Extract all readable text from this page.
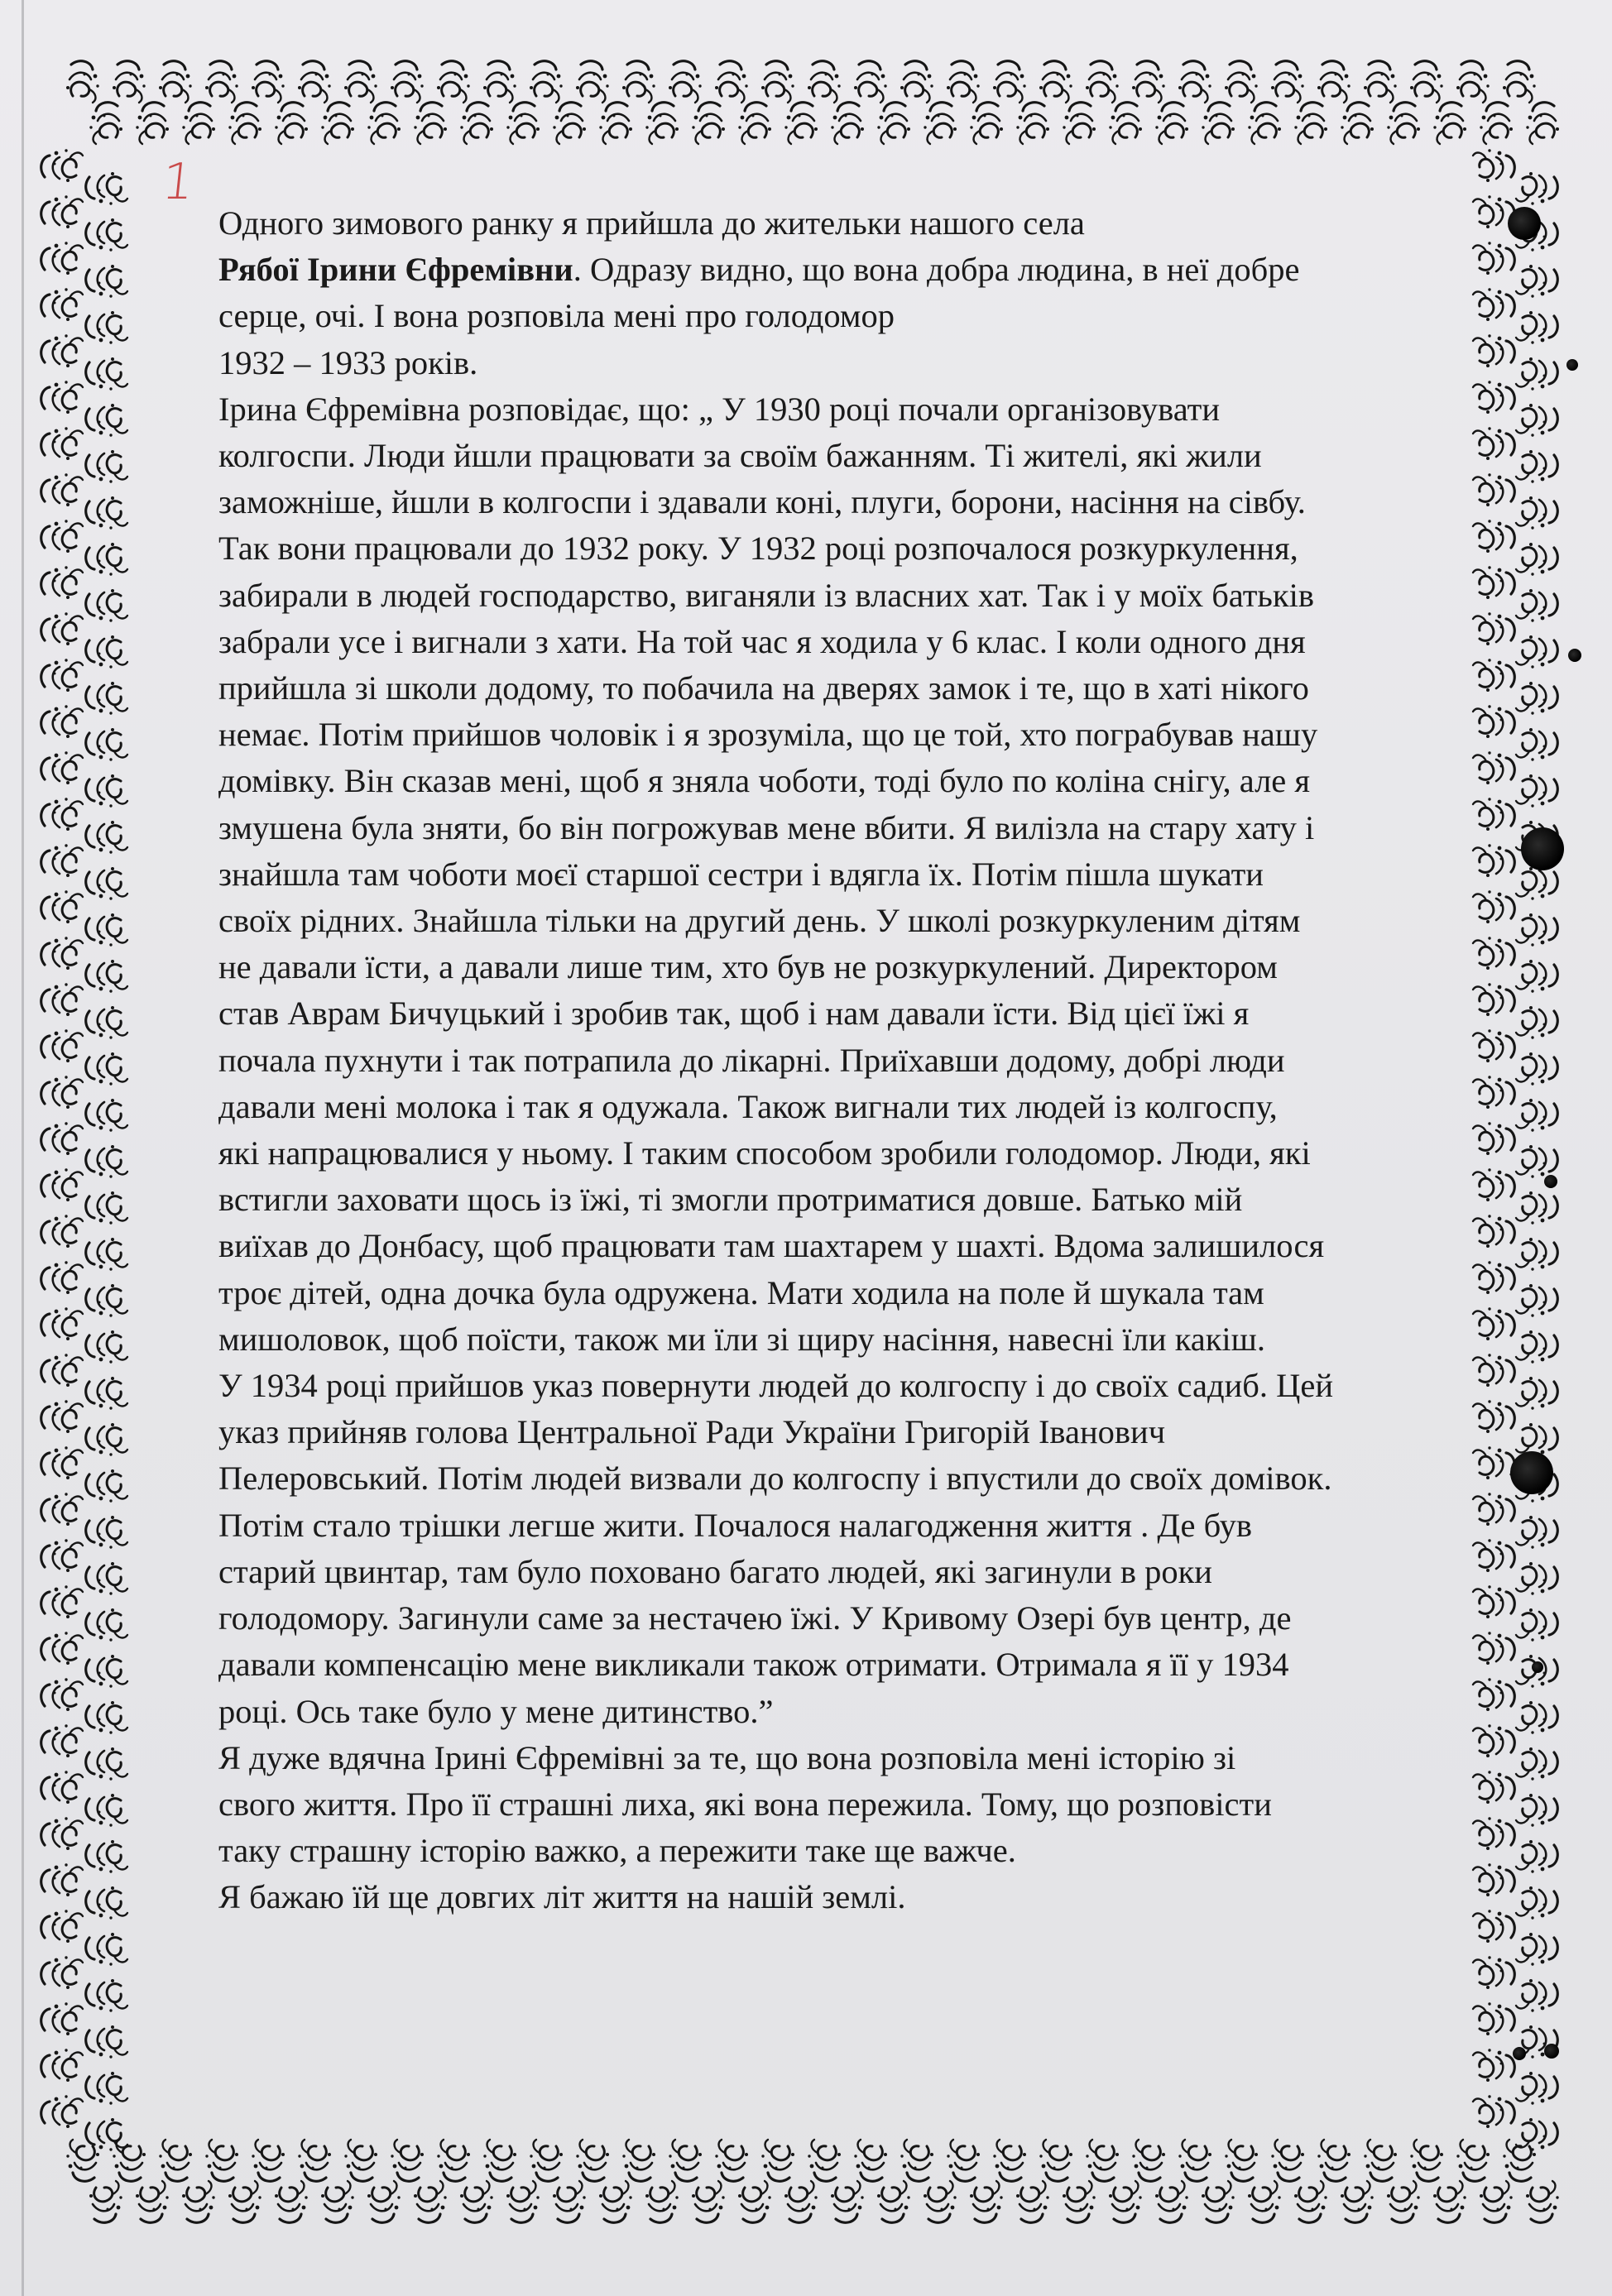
1

Одного зимового ранку я прийшла до жительки нашого села

Рябої Ірини Єфремівни. Одразу видно, що вона добра людина, в неї добре

серце, очі. І вона розповіла мені про голодомор

1932 – 1933 років.

Ірина Єфремівна розповідає, що: „ У 1930 році почали організовувати

колгоспи. Люди йшли працювати за своїм бажанням. Ті жителі, які жили

заможніше, йшли в колгоспи і здавали коні, плуги, борони, насіння на сівбу.

Так вони працювали до 1932 року. У 1932 році розпочалося розкуркулення,

забирали в людей господарство, виганяли із власних хат. Так і у моїх батьків

забрали усе і вигнали з хати. На той час я ходила у 6 клас. І коли одного дня

прийшла зі школи додому, то побачила на дверях замок і те, що в хаті нікого

немає. Потім прийшов чоловік і я зрозуміла, що це той, хто пограбував нашу

домівку. Він сказав мені, щоб я зняла чоботи, тоді було по коліна снігу, але я

змушена була зняти, бо він погрожував мене вбити. Я вилізла на стару хату і

знайшла там чоботи моєї старшої сестри і вдягла їх. Потім пішла шукати

своїх рідних. Знайшла тільки на другий день. У школі розкуркуленим дітям

не давали їсти, а давали лише тим, хто був не розкуркулений. Директором

став Аврам Бичуцький і зробив так, щоб і нам давали їсти. Від цієї їжі я

почала пухнути і так потрапила до лікарні. Приїхавши додому, добрі люди

давали мені молока і так я одужала. Також вигнали тих людей із колгоспу,

які напрацювалися у ньому. І таким способом зробили голодомор. Люди, які

встигли заховати щось із їжі, ті змогли протриматися довше. Батько мій

виїхав до Донбасу, щоб працювати там шахтарем у шахті. Вдома залишилося

троє дітей, одна дочка була одружена. Мати ходила на поле й шукала там

мишоловок, щоб поїсти, також ми їли зі щиру насіння, навесні їли какіш.

У 1934 році прийшов указ повернути людей до колгоспу і до своїх садиб. Цей

указ прийняв голова Центральної Ради України Григорій Іванович

Пелеровський. Потім людей визвали до колгоспу і впустили до своїх домівок.

Потім стало трішки легше жити. Почалося налагодження життя . Де був

старий цвинтар, там було поховано багато людей, які загинули в роки

голодомору. Загинули саме за нестачею їжі. У Кривому Озері був центр, де

давали компенсацію мене викликали також отримати. Отримала я її у 1934

році. Ось таке було у мене дитинство.”

Я дуже вдячна Ірині Єфремівні за те, що вона розповіла мені історію зі

свого життя. Про її страшні лиха, які вона пережила. Тому, що розповісти

таку страшну історію важко, а пережити таке ще важче.

Я бажаю їй ще довгих літ життя на нашій землі.
